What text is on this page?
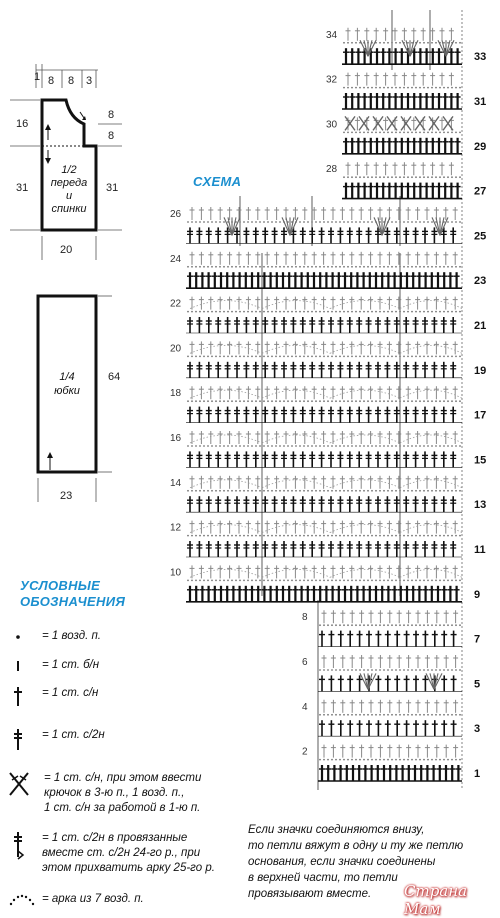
1 8 8 3
8
8
16
31	31
20
1/2
переда
и
спинки
1/4
юбки
64
23
УСЛОВНЫЕ
ОБОЗНАЧЕНИЯ
= 1 возд. п.
= 1 ст. б/н
= 1 ст. с/н
= 1 ст. с/2н
= 1 ст. с/н, при этом ввести
крючок в 3-ю п., 1 возд. п.,
1 ст. с/н за работой в 1-ю п.
= 1 ст. с/2н в провязанные
вместе ст. с/2н 24-го р., при
этом прихватить арку 25-го р.
= арка из 7 возд. п.
СХЕМА
1
3
5
7
9
11
13
15
17
19
21
23
25
27
29
31
33
2
4
6
8
10
12
14
16
18
20
22
24
26
28
30
32
34
Если значки соединяются внизу,
то петли вяжут в одну и ту же петлю
основания, если значки соединены
в верхней части, то петли
провязывают вместе.	Страна Мам
